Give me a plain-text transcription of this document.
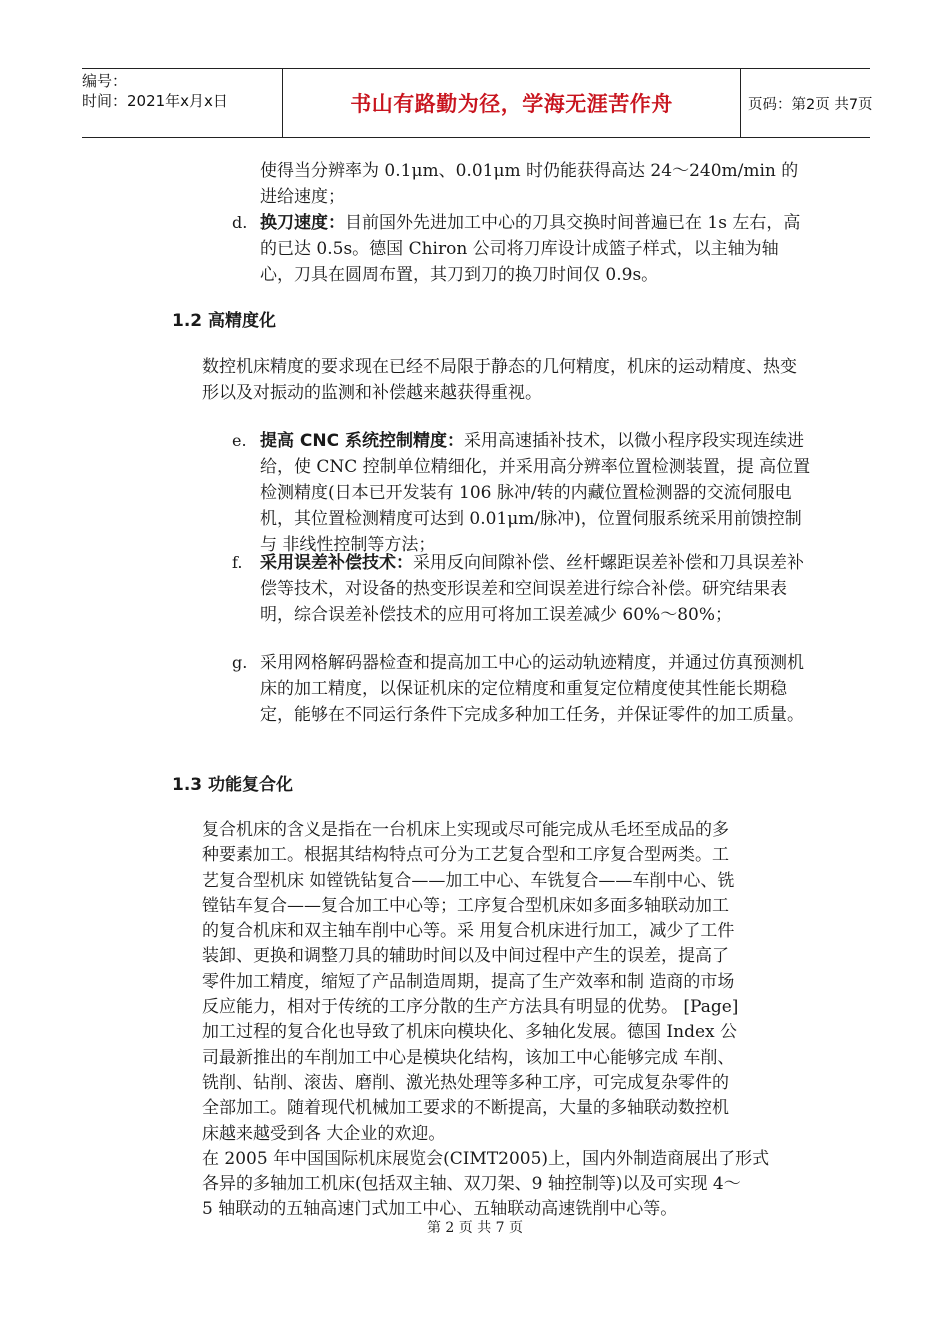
编号：
时间：2021年x月x日	书山有路勤为径，学海无涯苦作舟	页码：第2页 共7页
使得当分辨率为 0.1μm、0.01μm 时仍能获得高达 24～240m/min 的
进给速度；
d. 换刀速度：目前国外先进加工中心的刀具交换时间普遍已在 1s 左右，高的已达 0.5s。德国 Chiron 公司将刀库设计成篮子样式，以主轴为轴心，刀具在圆周布置，其刀到刀的换刀时间仅 0.9s。
1.2 高精度化
数控机床精度的要求现在已经不局限于静态的几何精度，机床的运动精度、热变形以及对振动的监测和补偿越来越获得重视。
e. 提高 CNC 系统控制精度：采用高速插补技术，以微小程序段实现连续进给，使 CNC 控制单位精细化，并采用高分辨率位置检测装置，提 高位置检测精度(日本已开发装有 106 脉冲/转的内藏位置检测器的交流伺服电机，其位置检测精度可达到 0.01μm/脉冲)，位置伺服系统采用前馈控制与 非线性控制等方法；
f.	采用误差补偿技术：采用反向间隙补偿、丝杆螺距误差补偿和刀具误差补偿等技术，对设备的热变形误差和空间误差进行综合补偿。研究结果表明，综合误差补偿技术的应用可将加工误差减少 60%～80%；
g. 采用网格解码器检查和提高加工中心的运动轨迹精度，并通过仿真预测机床的加工精度，以保证机床的定位精度和重复定位精度使其性能长期稳定，能够在不同运行条件下完成多种加工任务，并保证零件的加工质量。
1.3 功能复合化
复合机床的含义是指在一台机床上实现或尽可能完成从毛坯至成品的多
种要素加工。根据其结构特点可分为工艺复合型和工序复合型两类。工
艺复合型机床 如镗铣钻复合——加工中心、车铣复合——车削中心、铣
镗钻车复合——复合加工中心等；工序复合型机床如多面多轴联动加工
的复合机床和双主轴车削中心等。采 用复合机床进行加工，减少了工件
装卸、更换和调整刀具的辅助时间以及中间过程中产生的误差，提高了
零件加工精度，缩短了产品制造周期，提高了生产效率和制 造商的市场
反应能力，相对于传统的工序分散的生产方法具有明显的优势。 [Page]
加工过程的复合化也导致了机床向模块化、多轴化发展。德国 Index 公
司最新推出的车削加工中心是模块化结构，该加工中心能够完成 车削、
铣削、钻削、滚齿、磨削、激光热处理等多种工序，可完成复杂零件的
全部加工。随着现代机械加工要求的不断提高，大量的多轴联动数控机
床越来越受到各 大企业的欢迎。
在 2005 年中国国际机床展览会(CIMT2005)上，国内外制造商展出了形式
各异的多轴加工机床(包括双主轴、双刀架、9 轴控制等)以及可实现 4～
5 轴联动的五轴高速门式加工中心、五轴联动高速铣削中心等。
第 2 页 共 7 页
